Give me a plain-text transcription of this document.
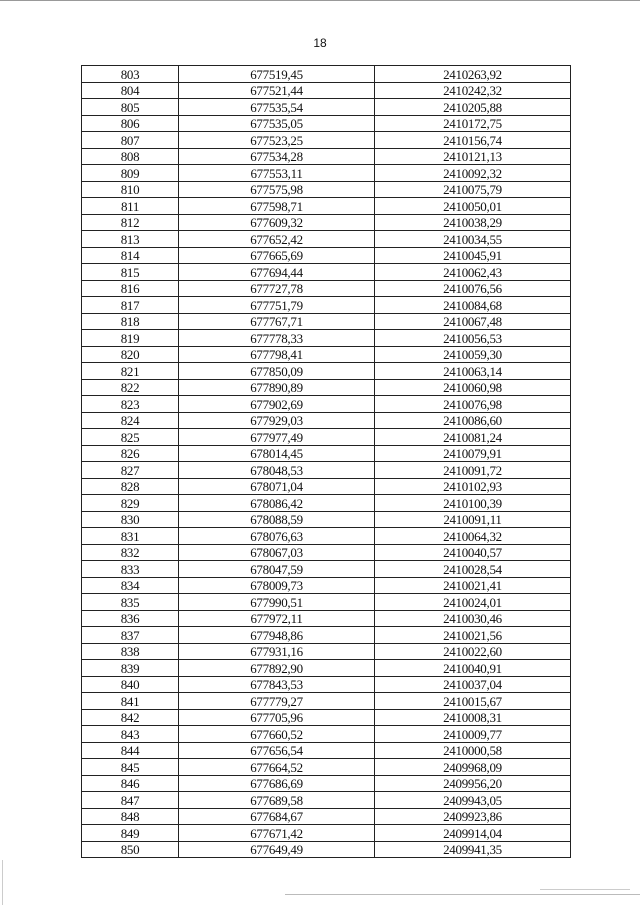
18
803	677519,45	2410263,92
804	677521,44	2410242,32
805	677535,54	2410205,88
806	677535,05	2410172,75
807	677523,25	2410156,74
808	677534,28	2410121,13
809	677553,11	2410092,32
810	677575,98	2410075,79
811	677598,71	2410050,01
812	677609,32	2410038,29
813	677652,42	2410034,55
814	677665,69	2410045,91
815	677694,44	2410062,43
816	677727,78	2410076,56
817	677751,79	2410084,68
818	677767,71	2410067,48
819	677778,33	2410056,53
820	677798,41	2410059,30
821	677850,09	2410063,14
822	677890,89	2410060,98
823	677902,69	2410076,98
824	677929,03	2410086,60
825	677977,49	2410081,24
826	678014,45	2410079,91
827	678048,53	2410091,72
828	678071,04	2410102,93
829	678086,42	2410100,39
830	678088,59	2410091,11
831	678076,63	2410064,32
832	678067,03	2410040,57
833	678047,59	2410028,54
834	678009,73	2410021,41
835	677990,51	2410024,01
836	677972,11	2410030,46
837	677948,86	2410021,56
838	677931,16	2410022,60
839	677892,90	2410040,91
840	677843,53	2410037,04
841	677779,27	2410015,67
842	677705,96	2410008,31
843	677660,52	2410009,77
844	677656,54	2410000,58
845	677664,52	2409968,09
846	677686,69	2409956,20
847	677689,58	2409943,05
848	677684,67	2409923,86
849	677671,42	2409914,04
850	677649,49	2409941,35
